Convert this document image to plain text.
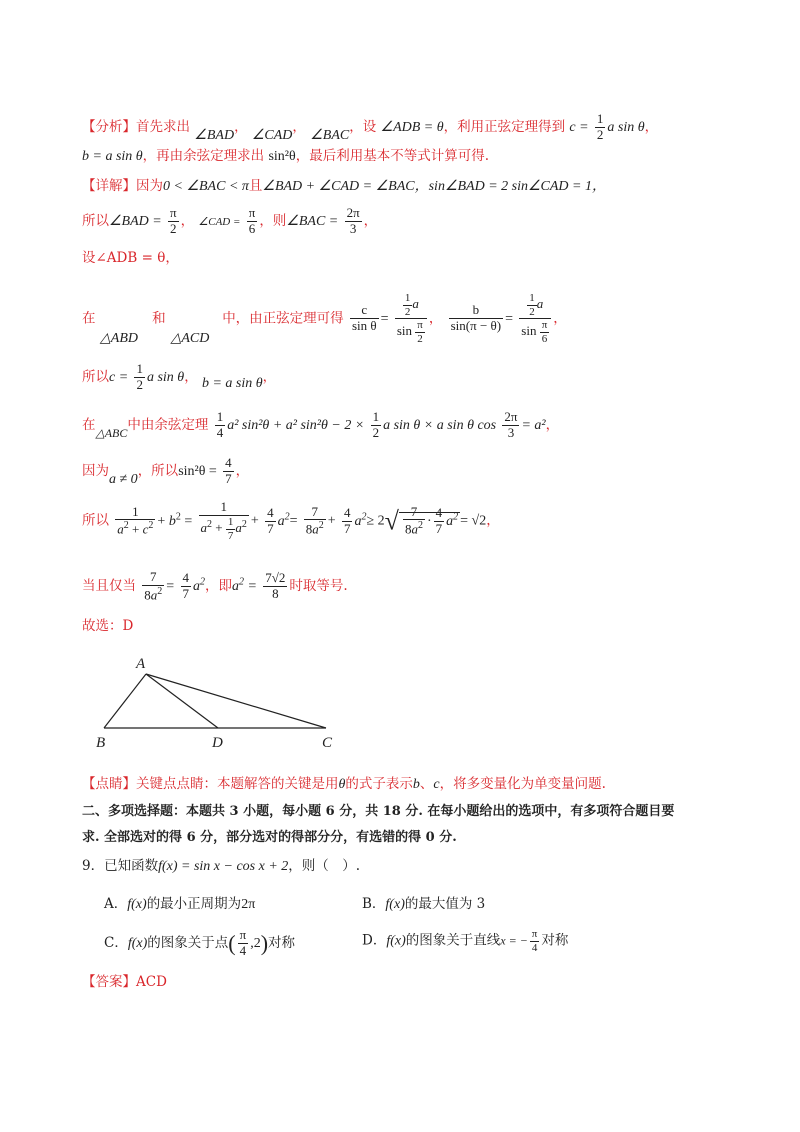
【分析】首先求出 ∠BAD， ∠CAD， ∠BAC，设 ∠ADB = θ，利用正弦定理得到 $c = \frac{1}{2}$ a sin θ，
b = a sin θ，再由余弦定理求出 sin²θ，最后利用基本不等式计算可得.
【详解】因为0 < ∠BAC < π且∠BAD + ∠CAD = ∠BAC，sin∠BAD = 2 sin∠CAD = 1，
所以∠BAD = $\frac{\pi}{2}$ ， ∠CAD = $\frac{\pi}{6}$ ，则∠BAC = $\frac{2\pi}{3}$ ，
设∠ADB = θ，
在	和	中，由正弦定理可得 $\frac{c}{\text{sin θ}} = \frac{\frac{1}{2} a}{\sin \frac{\pi}{2}}$ ， $\frac{b}{\sin(\pi - \theta)} = \frac{\frac{1}{2} a}{\sin \frac{\pi}{6}}$ ，
△ABD △ACD
所以$c = \frac{1}{2}$ a sin θ， b = a sin θ，
在△ABC中由余弦定理 $\frac{1}{4} a^2$ sin²θ + a² $\sin^2\theta - 2 \times \frac{1}{2}$ a sin θ × a sin θ $\cos \frac{2\pi}{3} = a^2$，
因为a ≠ 0，所以$\sin^2\theta = \frac{4}{7}$ ，
所以 $\frac{1}{a^2 + c^2} + b^2 = \frac{1}{a^2 + \frac{1}{7} a^2} + \frac{4}{7} a^2= \frac{7}{8a^2} + \frac{4}{7} a^2\ge 2√ \frac{7}{8a^2} \cdot \frac{4}{7} a^2 = √2$，
当且仅当 $\frac{7}{8a^2} = \frac{4}{7} a^2$，即$a^2 = \frac{7√2}{8}$ 时取等号.
故选：D
A
B	D	C
【点睛】关键点点睛：本题解答的关键是用θ的式子表示b、c，将多变量化为单变量问题.
二、多项选择题：本题共 3 小题，每小题 6 分，共 18 分. 在每小题给出的选项中，有多项符合题目要
求. 全部选对的得 6 分，部分选对的得部分分，有选错的得 0 分.
9．已知函数f(x) = sin x − cos x + 2，则（　）.
A．f(x)的最小正周期为2π	B．f(x)的最大值为 3
C．f(x)的图象关于点( $\frac{\pi}{4} ,2$)对称	D．f(x)的图象关于直线x = − $\frac{\pi}{4}$ 对称
【答案】ACD
